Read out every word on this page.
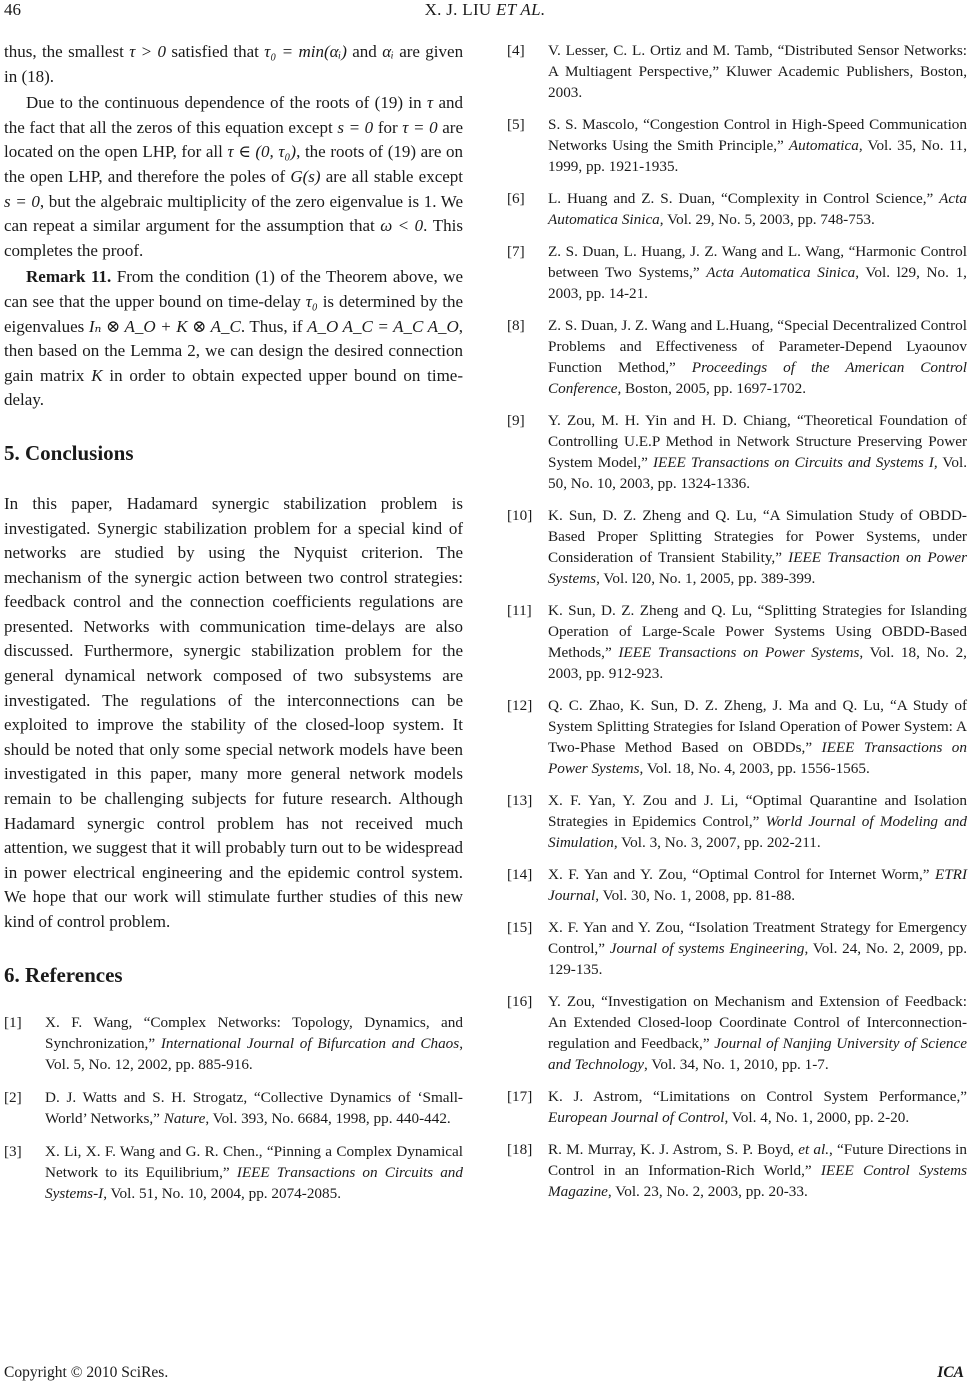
46	X. J. LIU ET AL.

thus, the smallest τ > 0 satisfied that τ₀ = min(αᵢ) and αᵢ are given in (18).

Due to the continuous dependence of the roots of (19) in τ and the fact that all the zeros of this equation except s = 0 for τ = 0 are located on the open LHP, for all τ ∈ (0, τ₀), the roots of (19) are on the open LHP, and therefore the poles of G(s) are all stable except s = 0, but the algebraic multiplicity of the zero eigenvalue is 1. We can repeat a similar argument for the assumption that ω < 0. This completes the proof.

Remark 11. From the condition (1) of the Theorem above, we can see that the upper bound on time-delay τ₀ is determined by the eigenvalues Iₙ ⊗ A_O + K ⊗ A_C. Thus, if A_O A_C = A_C A_O, then based on the Lemma 2, we can design the desired connection gain matrix K in order to obtain expected upper bound on time-delay.

5. Conclusions

In this paper, Hadamard synergic stabilization problem is investigated. Synergic stabilization problem for a special kind of networks are studied by using the Nyquist criterion. The mechanism of the synergic action between two control strategies: feedback control and the connection coefficients regulations are presented. Networks with communication time-delays are also discussed. Furthermore, synergic stabilization problem for the general dynamical network composed of two subsystems are investigated. The regulations of the interconnections can be exploited to improve the stability of the closed-loop system. It should be noted that only some special network models have been investigated in this paper, many more general network models remain to be challenging subjects for future research. Although Hadamard synergic control problem has not received much attention, we suggest that it will probably turn out to be widespread in power electrical engineering and the epidemic control system. We hope that our work will stimulate further studies of this new kind of control problem.

6. References
[1] X. F. Wang, “Complex Networks: Topology, Dynamics, and Synchronization,” International Journal of Bifurcation and Chaos, Vol. 5, No. 12, 2002, pp. 885-916.
[2] D. J. Watts and S. H. Strogatz, “Collective Dynamics of ‘Small-World’ Networks,” Nature, Vol. 393, No. 6684, 1998, pp. 440-442.
[3] X. Li, X. F. Wang and G. R. Chen., “Pinning a Complex Dynamical Network to its Equilibrium,” IEEE Transactions on Circuits and Systems-I, Vol. 51, No. 10, 2004, pp. 2074-2085.
[4] V. Lesser, C. L. Ortiz and M. Tamb, “Distributed Sensor Networks: A Multiagent Perspective,” Kluwer Academic Publishers, Boston, 2003.
[5] S. S. Mascolo, “Congestion Control in High-Speed Communication Networks Using the Smith Principle,” Automatica, Vol. 35, No. 11, 1999, pp. 1921-1935.
[6] L. Huang and Z. S. Duan, “Complexity in Control Science,” Acta Automatica Sinica, Vol. 29, No. 5, 2003, pp. 748-753.
[7] Z. S. Duan, L. Huang, J. Z. Wang and L. Wang, “Harmonic Control between Two Systems,” Acta Automatica Sinica, Vol. l29, No. 1, 2003, pp. 14-21.
[8] Z. S. Duan, J. Z. Wang and L.Huang, “Special Decentralized Control Problems and Effectiveness of Parameter-Depend Lyaounov Function Method,” Proceedings of the American Control Conference, Boston, 2005, pp. 1697-1702.
[9] Y. Zou, M. H. Yin and H. D. Chiang, “Theoretical Foundation of Controlling U.E.P Method in Network Structure Preserving Power System Model,” IEEE Transactions on Circuits and Systems I, Vol. 50, No. 10, 2003, pp. 1324-1336.
[10] K. Sun, D. Z. Zheng and Q. Lu, “A Simulation Study of OBDD-Based Proper Splitting Strategies for Power Systems, under Consideration of Transient Stability,” IEEE Transaction on Power Systems, Vol. l20, No. 1, 2005, pp. 389-399.
[11] K. Sun, D. Z. Zheng and Q. Lu, “Splitting Strategies for Islanding Operation of Large-Scale Power Systems Using OBDD-Based Methods,” IEEE Transactions on Power Systems, Vol. 18, No. 2, 2003, pp. 912-923.
[12] Q. C. Zhao, K. Sun, D. Z. Zheng, J. Ma and Q. Lu, “A Study of System Splitting Strategies for Island Operation of Power System: A Two-Phase Method Based on OBDDs,” IEEE Transactions on Power Systems, Vol. 18, No. 4, 2003, pp. 1556-1565.
[13] X. F. Yan, Y. Zou and J. Li, “Optimal Quarantine and Isolation Strategies in Epidemics Control,” World Journal of Modeling and Simulation, Vol. 3, No. 3, 2007, pp. 202-211.
[14] X. F. Yan and Y. Zou, “Optimal Control for Internet Worm,” ETRI Journal, Vol. 30, No. 1, 2008, pp. 81-88.
[15] X. F. Yan and Y. Zou, “Isolation Treatment Strategy for Emergency Control,” Journal of systems Engineering, Vol. 24, No. 2, 2009, pp. 129-135.
[16] Y. Zou, “Investigation on Mechanism and Extension of Feedback: An Extended Closed-loop Coordinate Control of Interconnection-regulation and Feedback,” Journal of Nanjing University of Science and Technology, Vol. 34, No. 1, 2010, pp. 1-7.
[17] K. J. Astrom, “Limitations on Control System Performance,” European Journal of Control, Vol. 4, No. 1, 2000, pp. 2-20.
[18] R. M. Murray, K. J. Astrom, S. P. Boyd, et al., “Future Directions in Control in an Information-Rich World,” IEEE Control Systems Magazine, Vol. 23, No. 2, 2003, pp. 20-33.
Copyright © 2010 SciRes.	ICA
